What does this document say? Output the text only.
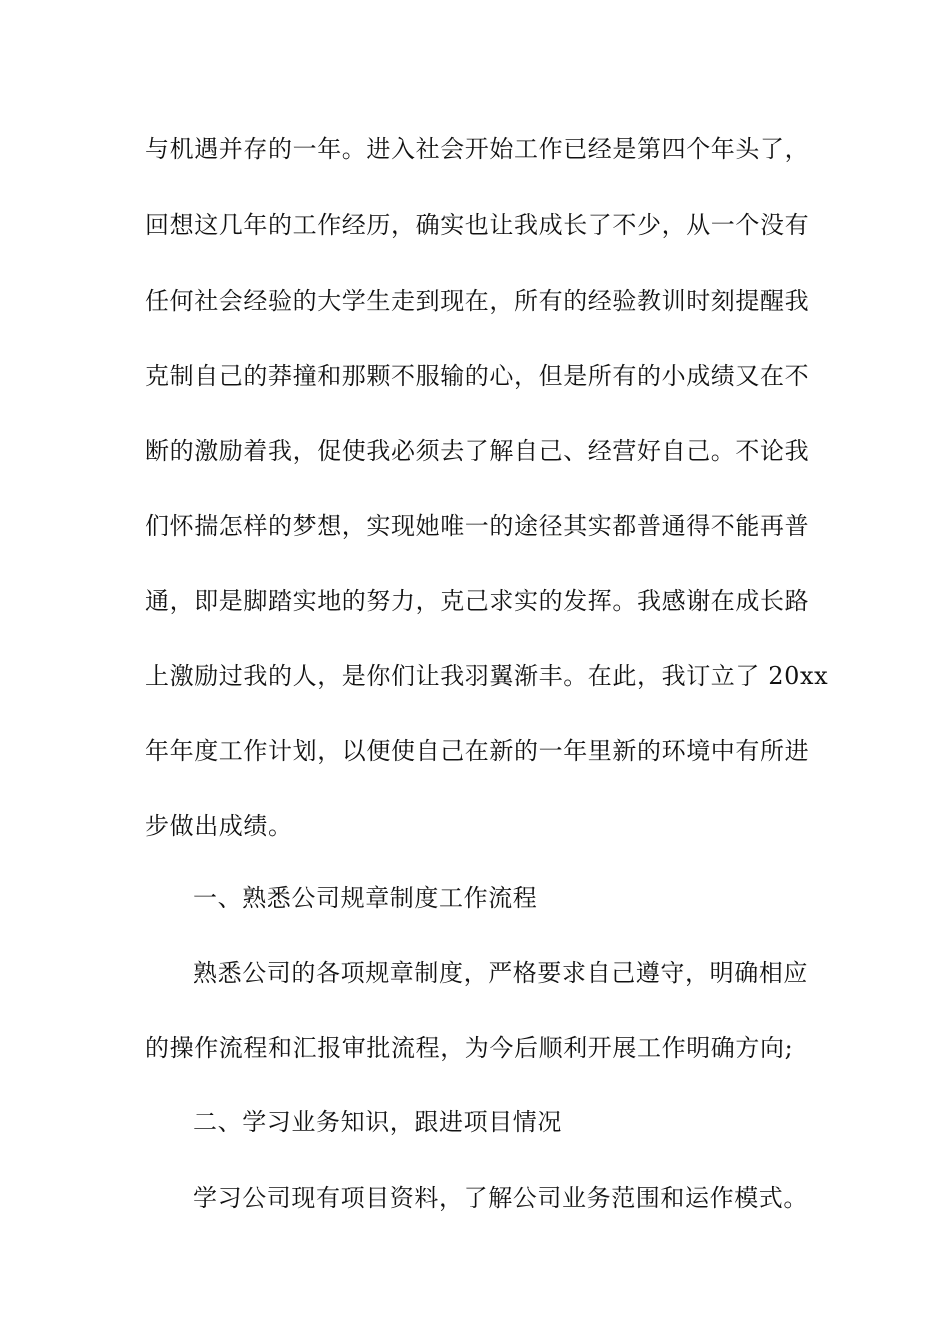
与机遇并存的一年。进入社会开始工作已经是第四个年头了，
回想这几年的工作经历，确实也让我成长了不少，从一个没有
任何社会经验的大学生走到现在，所有的经验教训时刻提醒我
克制自己的莽撞和那颗不服输的心，但是所有的小成绩又在不
断的激励着我，促使我必须去了解自己、经营好自己。不论我
们怀揣怎样的梦想，实现她唯一的途径其实都普通得不能再普
通，即是脚踏实地的努力，克己求实的发挥。我感谢在成长路
上激励过我的人，是你们让我羽翼渐丰。在此，我订立了 20xx
年年度工作计划，以便使自己在新的一年里新的环境中有所进
步做出成绩。
一、熟悉公司规章制度工作流程
熟悉公司的各项规章制度，严格要求自己遵守，明确相应
的操作流程和汇报审批流程，为今后顺利开展工作明确方向;
二、学习业务知识，跟进项目情况
学习公司现有项目资料，了解公司业务范围和运作模式。
